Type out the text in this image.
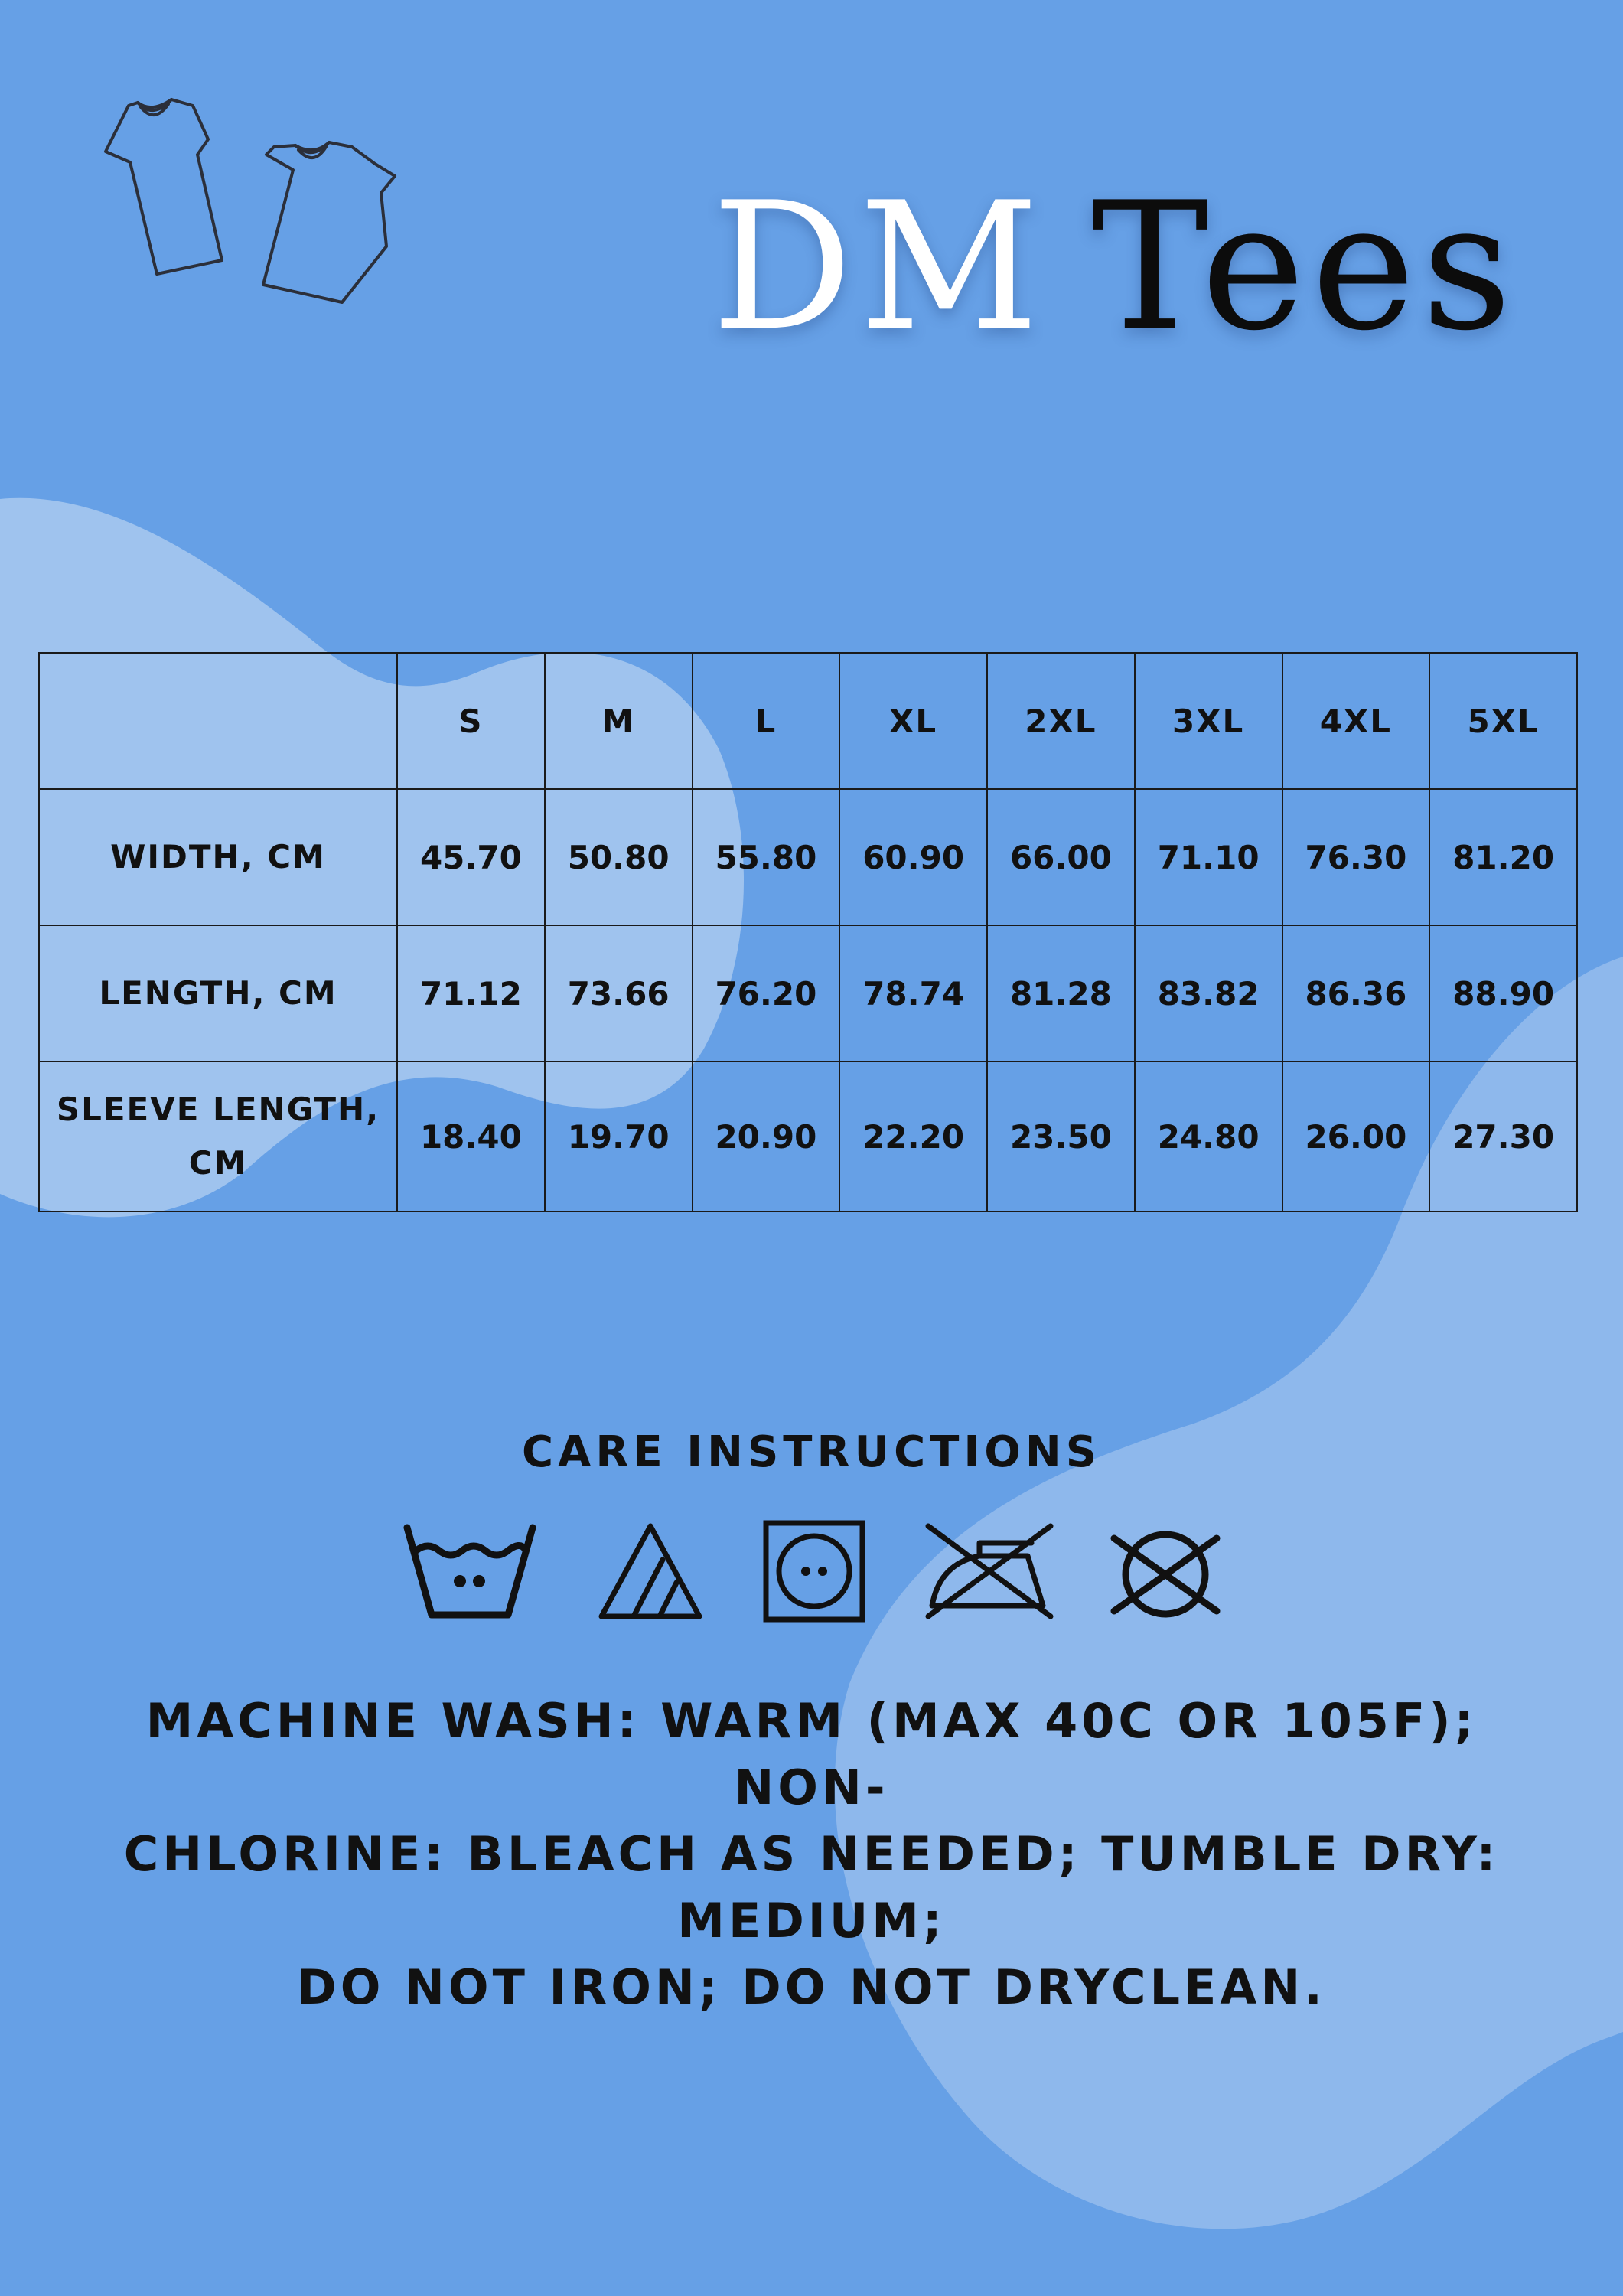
DM Tees
	S	M	L	XL	2XL	3XL	4XL	5XL
WIDTH, CM	45.70	50.80	55.80	60.90	66.00	71.10	76.30	81.20
LENGTH, CM	71.12	73.66	76.20	78.74	81.28	83.82	86.36	88.90
SLEEVE LENGTH,
CM	18.40	19.70	20.90	22.20	23.50	24.80	26.00	27.30
CARE INSTRUCTIONS
MACHINE WASH: WARM (MAX 40C OR 105F); NON-
CHLORINE: BLEACH AS NEEDED; TUMBLE DRY: MEDIUM;
DO NOT IRON; DO NOT DRYCLEAN.
